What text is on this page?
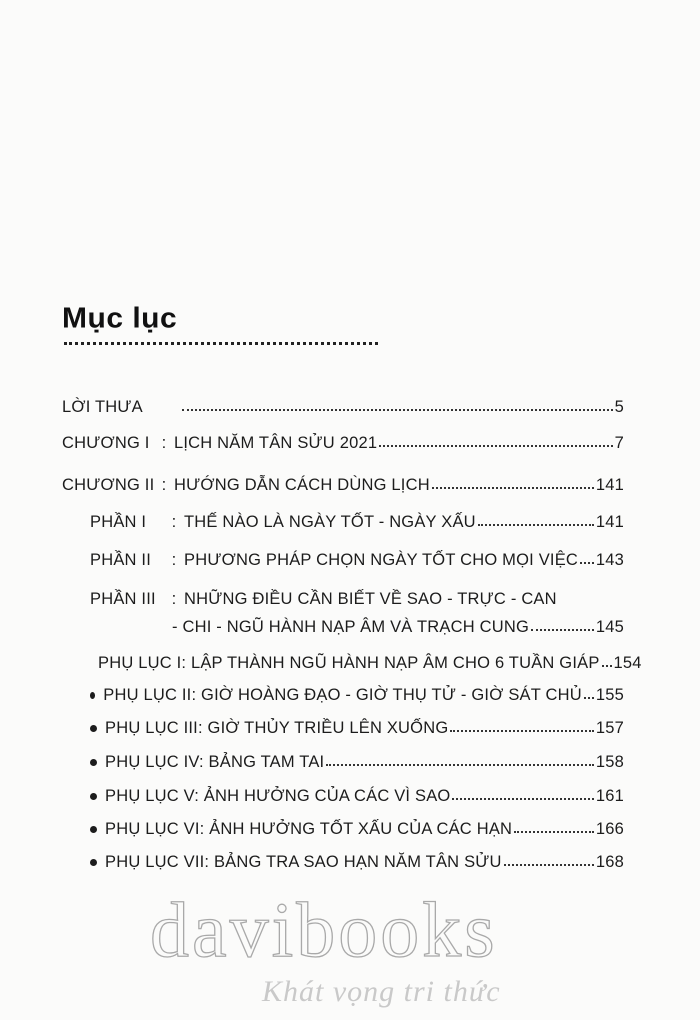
Mục lục
LỜI THƯA	5
CHƯƠNG I : LỊCH NĂM TÂN SỬU 2021	7
CHƯƠNG II : HƯỚNG DẪN CÁCH DÙNG LỊCH	141
PHẦN I	: THẾ NÀO LÀ NGÀY TỐT - NGÀY XẤU	141
PHẦN II	: PHƯƠNG PHÁP CHỌN NGÀY TỐT CHO MỌI VIỆC 143
PHẦN III : NHỮNG ĐIỀU CẦN BIẾT VỀ SAO - TRỰC - CAN
- CHI - NGŨ HÀNH NẠP ÂM VÀ TRẠCH CUNG	145
PHỤ LỤC I: LẬP THÀNH NGŨ HÀNH NẠP ÂM CHO 6 TUẦN GIÁP 154
PHỤ LỤC II: GIỜ HOÀNG ĐẠO - GIỜ THỤ TỬ - GIỜ SÁT CHỦ 155
PHỤ LỤC III: GIỜ THỦY TRIỀU LÊN XUỐNG	157
PHỤ LỤC IV: BẢNG TAM TAI	158
PHỤ LỤC V: ẢNH HƯỞNG CỦA CÁC VÌ SAO	161
PHỤ LỤC VI: ẢNH HƯỞNG TỐT XẤU CỦA CÁC HẠN	166
PHỤ LỤC VII: BẢNG TRA SAO HẠN NĂM TÂN SỬU	168
davibooks
Khát vọng tri thức
